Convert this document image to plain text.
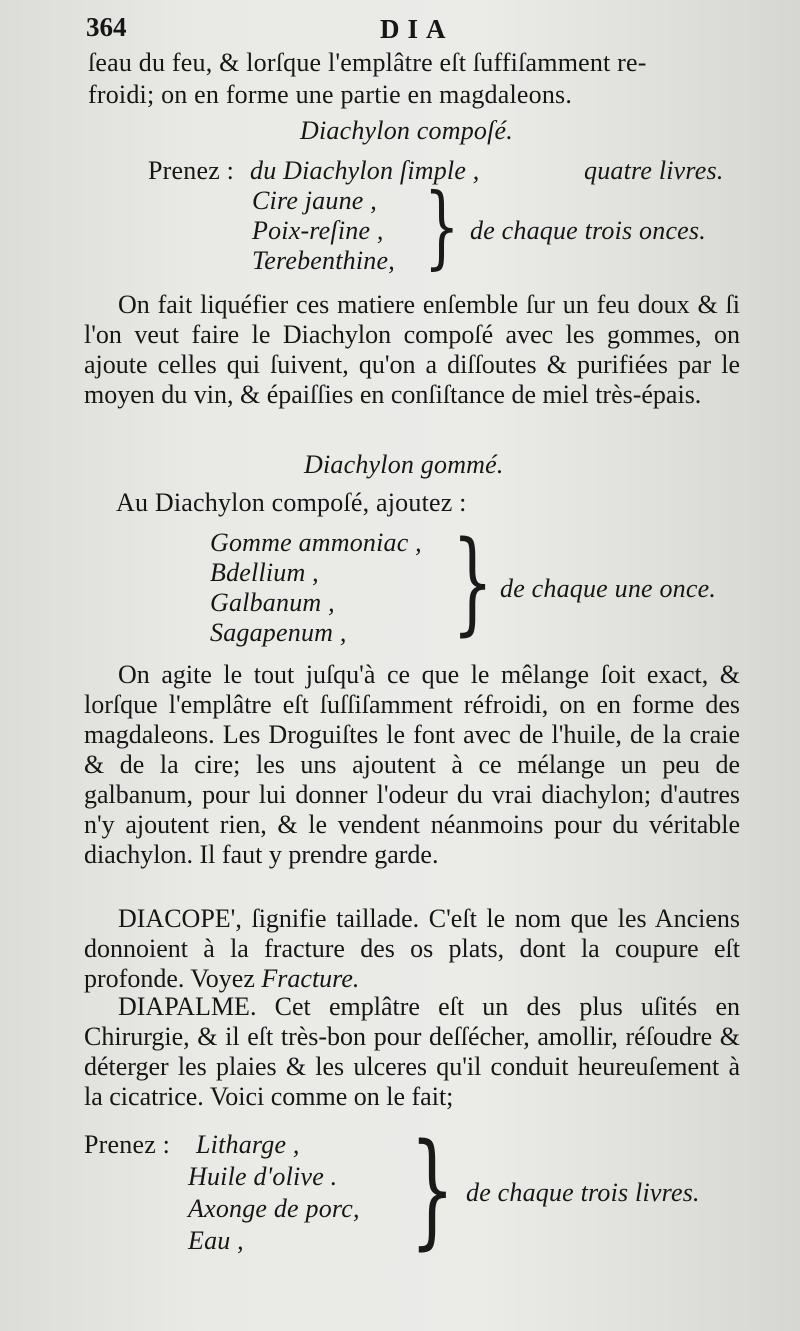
364	DIA
ſeau du feu, & lorſque l'emplâtre eſt ſuffiſamment re-
froidi; on en forme une partie en magdaleons.
Diachylon compoſé.
Prenez : du Diachylon ſimple ,	quatre livres.
Cire jaune ,
Poix-reſine ,
Terebenthine, } de chaque trois onces.
On fait liquéfier ces matiere enſemble ſur un feu doux & ſi l'on veut faire le Diachylon compoſé avec les gommes, on ajoute celles qui ſuivent, qu'on a diſſoutes & purifiées par le moyen du vin, & épaiſſies en conſiſtance de miel très-épais.
Diachylon gommé.
Au Diachylon compoſé, ajoutez :
Gomme ammoniac ,
Bdellium ,
Galbanum ,
Sagapenum , } de chaque une once.
On agite le tout juſqu'à ce que le mêlange ſoit exact, & lorſque l'emplâtre eſt ſuſſiſamment réfroidi, on en forme des magdaleons. Les Droguiſtes le font avec de l'huile, de la craie & de la cire; les uns ajoutent à ce mélange un peu de galbanum, pour lui donner l'odeur du vrai diachylon; d'autres n'y ajoutent rien, & le vendent néanmoins pour du véritable diachylon. Il faut y prendre garde.
DIACOPE', ſignifie taillade. C'eſt le nom que les Anciens donnoient à la fracture des os plats, dont la coupure eſt profonde. Voyez Fracture.
DIAPALME. Cet emplâtre eſt un des plus uſités en Chirurgie, & il eſt très-bon pour deſſécher, amollir, réſoudre & déterger les plaies & les ulceres qu'il conduit heureuſement à la cicatrice. Voici comme on le fait;
Prenez : Litharge ,
Huile d'olive .
Axonge de porc,
Eau , } de chaque trois livres.
